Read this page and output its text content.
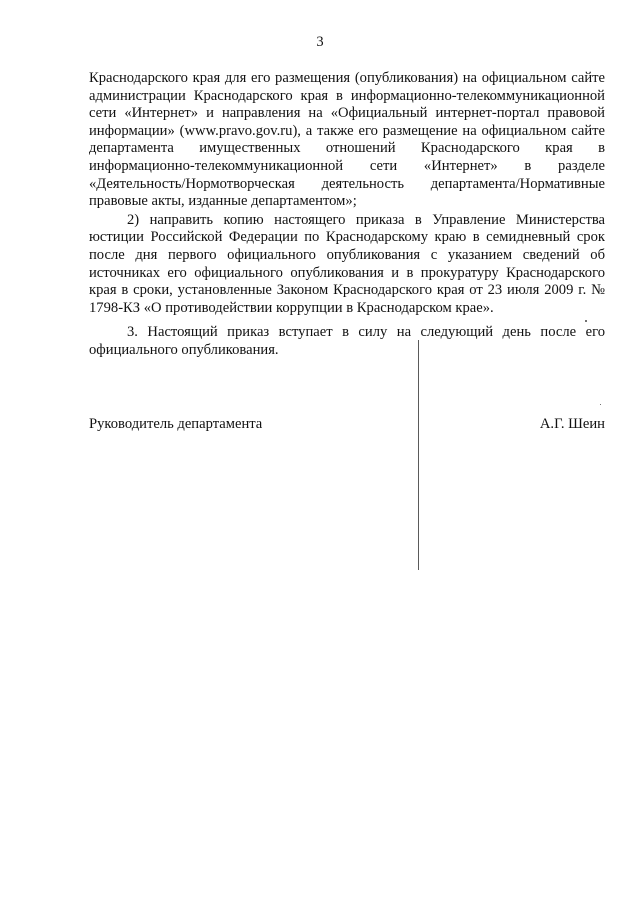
3

Краснодарского края для его размещения (опубликования) на официальном сайте администрации Краснодарского края в информационно-телекоммуникационной сети «Интернет» и направления на «Официальный интернет-портал правовой информации» (www.pravo.gov.ru), а также его размещение на официальном сайте департамента имущественных отношений Краснодарского края в информационно-телекоммуникационной сети «Интернет» в разделе «Деятельность/Нормотворческая деятельность департамента/Нормативные правовые акты, изданные департаментом»;

2) направить копию настоящего приказа в Управление Министерства юстиции Российской Федерации по Краснодарскому краю в семидневный срок после дня первого официального опубликования с указанием сведений об источниках его официального опубликования и в прокуратуру Краснодарского края в сроки, установленные Законом Краснодарского края от 23 июля 2009 г. № 1798-КЗ «О противодействии коррупции в Краснодарском крае».

3. Настоящий приказ вступает в силу на следующий день после его официального опубликования.

Руководитель департамента	А.Г. Шеин
